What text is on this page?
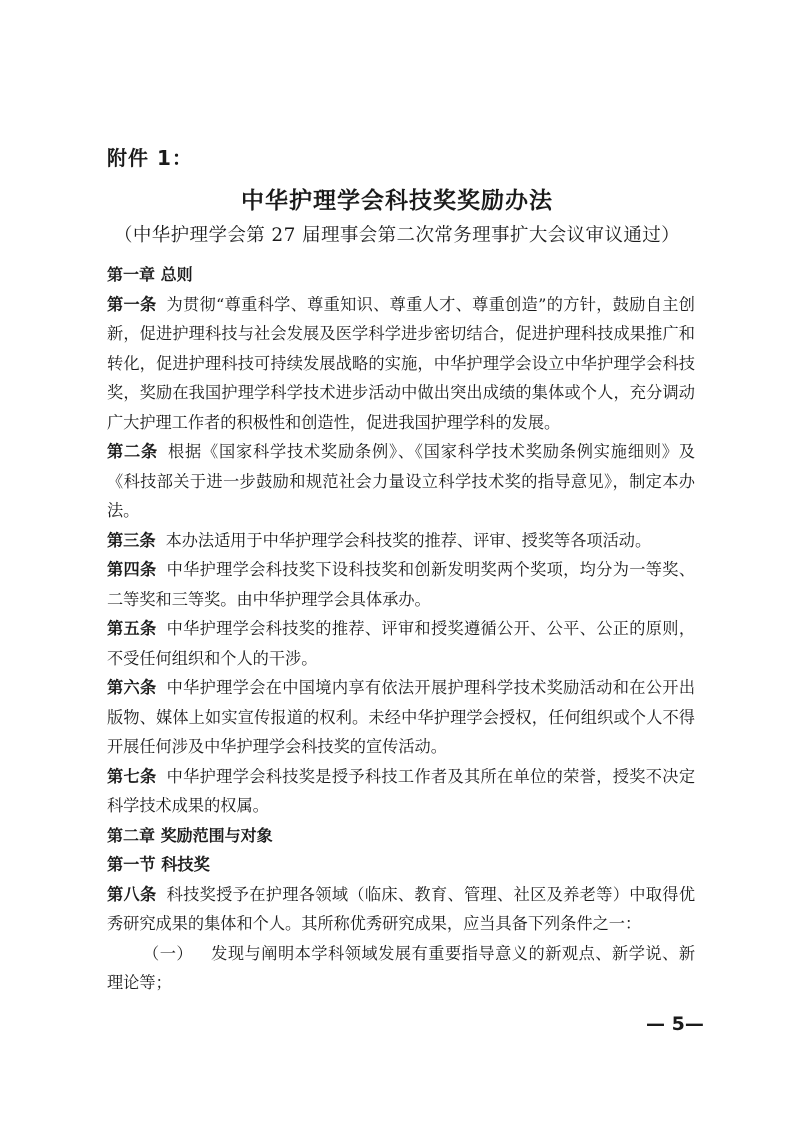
附件 1：
中华护理学会科技奖奖励办法
（中华护理学会第 27 届理事会第二次常务理事扩大会议审议通过）

第一章 总则

第一条 为贯彻“尊重科学、尊重知识、尊重人才、尊重创造”的方针，鼓励自主创新，促进护理科技与社会发展及医学科学进步密切结合，促进护理科技成果推广和转化，促进护理科技可持续发展战略的实施，中华护理学会设立中华护理学会科技奖，奖励在我国护理学科学技术进步活动中做出突出成绩的集体或个人，充分调动广大护理工作者的积极性和创造性，促进我国护理学科的发展。

第二条 根据《国家科学技术奖励条例》、《国家科学技术奖励条例实施细则》及《科技部关于进一步鼓励和规范社会力量设立科学技术奖的指导意见》，制定本办法。

第三条 本办法适用于中华护理学会科技奖的推荐、评审、授奖等各项活动。

第四条 中华护理学会科技奖下设科技奖和创新发明奖两个奖项，均分为一等奖、二等奖和三等奖。由中华护理学会具体承办。

第五条 中华护理学会科技奖的推荐、评审和授奖遵循公开、公平、公正的原则，不受任何组织和个人的干涉。

第六条 中华护理学会在中国境内享有依法开展护理科学技术奖励活动和在公开出版物、媒体上如实宣传报道的权利。未经中华护理学会授权，任何组织或个人不得开展任何涉及中华护理学会科技奖的宣传活动。

第七条 中华护理学会科技奖是授予科技工作者及其所在单位的荣誉，授奖不决定科学技术成果的权属。

第二章 奖励范围与对象

第一节 科技奖

第八条 科技奖授予在护理各领域（临床、教育、管理、社区及养老等）中取得优秀研究成果的集体和个人。其所称优秀研究成果，应当具备下列条件之一：

（一） 发现与阐明本学科领域发展有重要指导意义的新观点、新学说、新理论等；

— 5—
